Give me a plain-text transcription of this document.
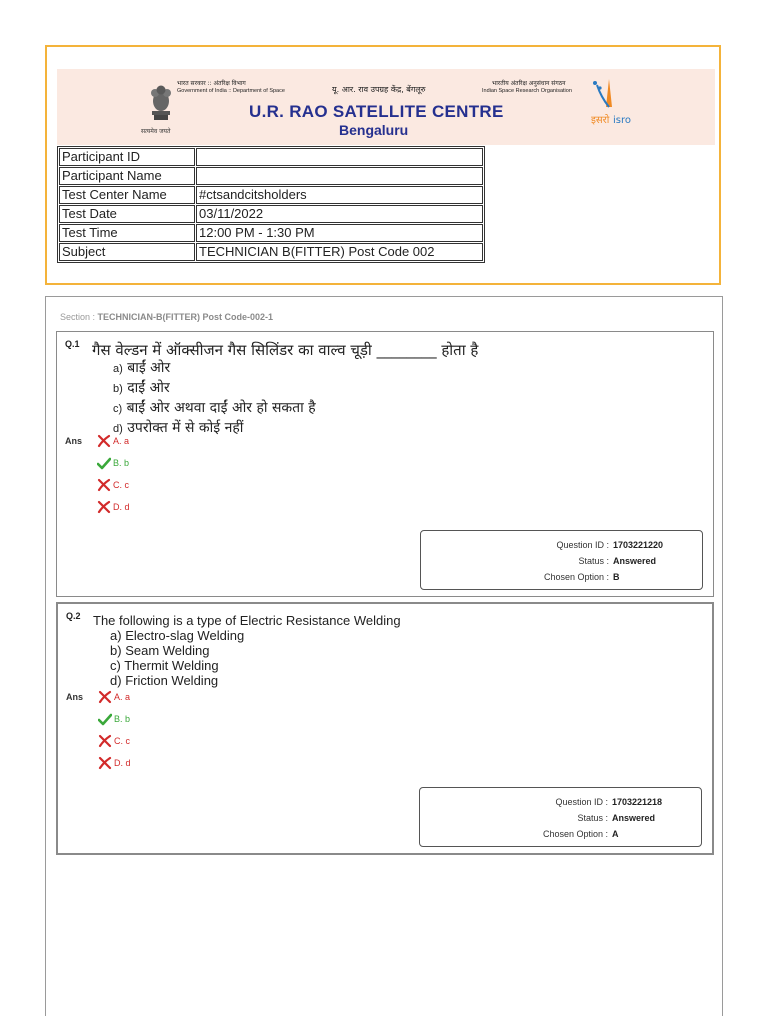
सत्यमेव जयते
भारत सरकार :: अंतरिक्ष विभाग
Government of India :: Department of Space	यू. आर. राव उपग्रह केंद्र, बेंगलूरु
भारतीय अंतरिक्ष अनुसंधान संगठन
Indian Space Research Organisation
U.R. RAO SATELLITE CENTRE
Bengaluru
इसरो isro
Participant ID	
Participant Name	
Test Center Name	#ctsandcitsholders
Test Date	03/11/2022
Test Time	12:00 PM - 1:30 PM
Subject	TECHNICIAN B(FITTER) Post Code 002
Section : TECHNICIAN-B(FITTER) Post Code-002-1
Q.1 गैस वेल्डन में ऑक्सीजन गैस सिलिंडर का वाल्व चूड़ी ________ होता है
a) बाईं ओर
b) दाईं ओर
c) बाईं ओर अथवा दाईं ओर हो सकता है
d) उपरोक्त में से कोई नहीं
Ans	A. a
B. b
C. c
D. d
Question ID : 1703221220
Status : Answered
Chosen Option : B
Q.2 The following is a type of Electric Resistance Welding
a) Electro-slag Welding
b) Seam Welding
c) Thermit Welding
d) Friction Welding
Ans	A. a
B. b
C. c
D. d
Question ID : 1703221218
Status : Answered
Chosen Option : A
